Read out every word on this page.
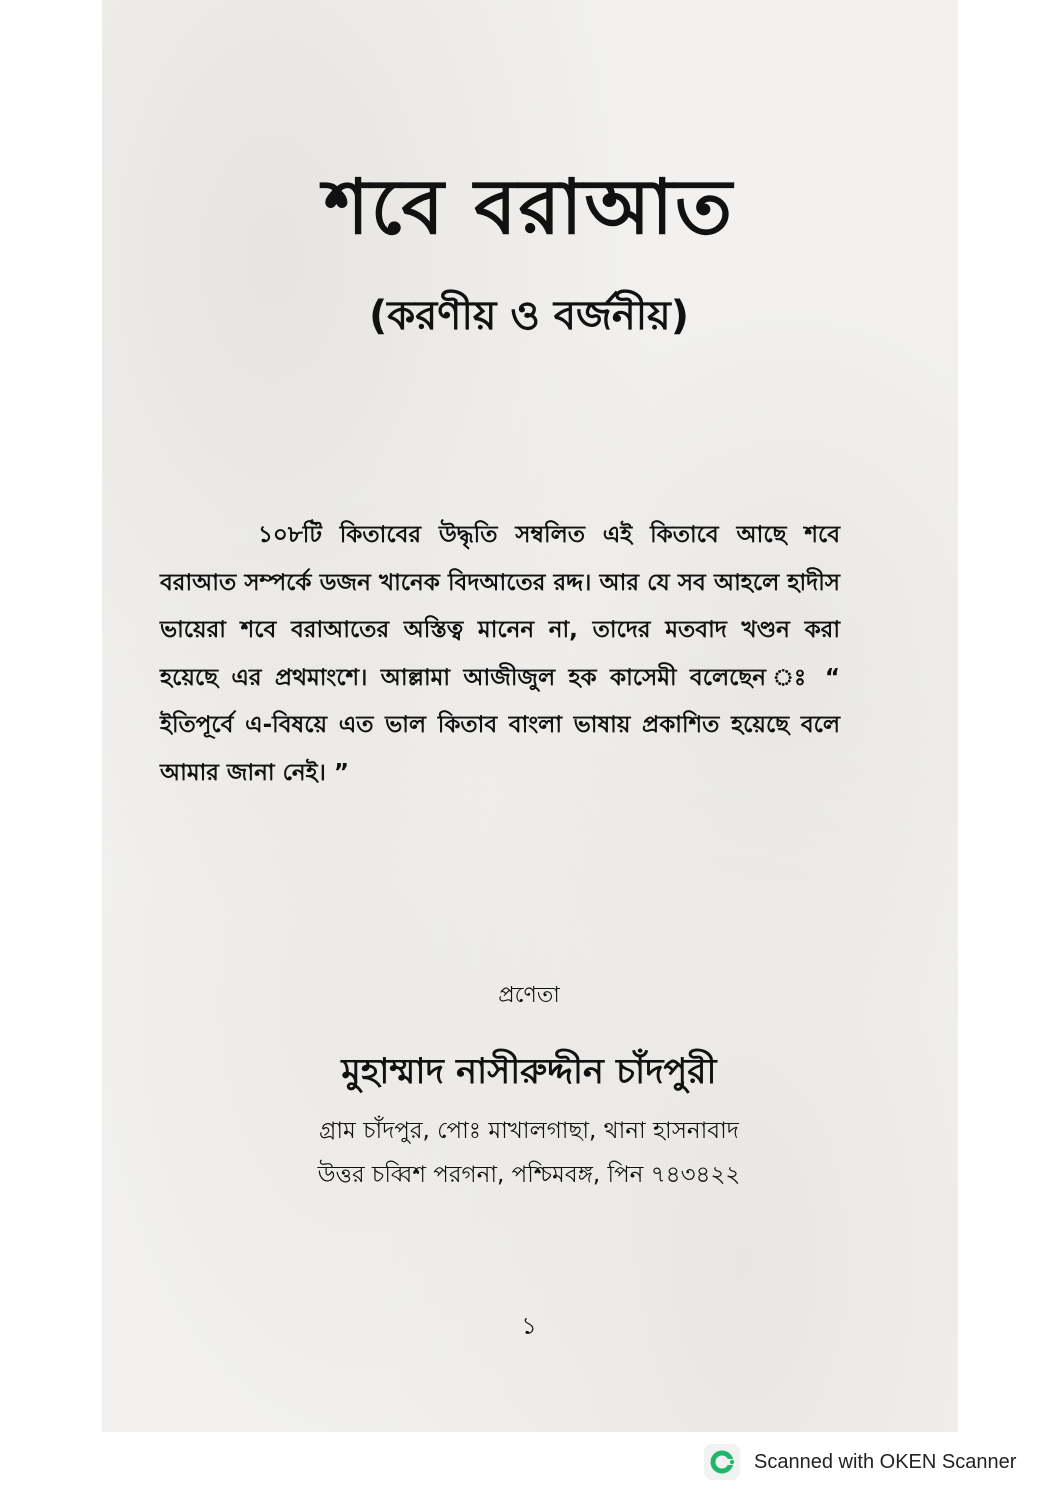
শবে বরাআত
(করণীয় ও বর্জনীয়)

১০৮টি কিতাবের উদ্ধৃতি সম্বলিত এই কিতাবে আছে শবে বরাআত সম্পর্কে ডজন খানেক বিদআতের রদ্দ। আর যে সব আহলে হাদীস ভায়েরা শবে বরাআতের অস্তিত্ব মানেন না, তাদের মতবাদ খণ্ডন করা হয়েছে এর প্রথমাংশে। আল্লামা আজীজুল হক কাসেমী বলেছেন ঃ “ ইতিপূর্বে এ-বিষয়ে এত ভাল কিতাব বাংলা ভাষায় প্রকাশিত হয়েছে বলে আমার জানা নেই। ”

প্রণেতা
মুহাম্মাদ নাসীরুদ্দীন চাঁদপুরী
গ্রাম চাঁদপুর, পোঃ মাখালগাছা, থানা হাসনাবাদ
উত্তর চব্বিশ পরগনা, পশ্চিমবঙ্গ, পিন ৭৪৩৪২২
১
Scanned with OKEN Scanner
